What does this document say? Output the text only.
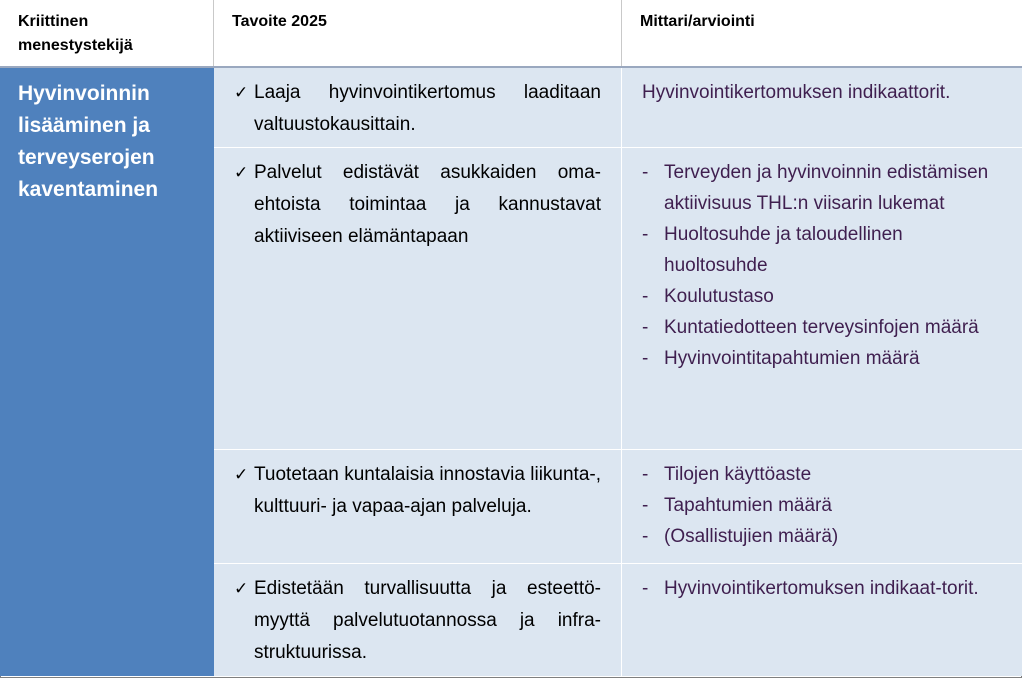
Kriittinen menestystekijä
Tavoite 2025	Mittari/arviointi
Hyvinvoinnin lisääminen ja terveyserojen kaventaminen
✓ Laaja hyvinvointikertomus laaditaan valtuustokausittain.
Hyvinvointikertomuksen indikaattorit.
✓ Palvelut edistävät asukkaiden oma-ehtoista toimintaa ja kannustavat aktiiviseen elämäntapaan
- Terveyden ja hyvinvoinnin edistämisen aktiivisuus THL:n viisarin lukemat
- Huoltosuhde ja taloudellinen huoltosuhde
- Koulutustaso
- Kuntatiedotteen terveysinfojen määrä
- Hyvinvointitapahtumien määrä
✓ Tuotetaan kuntalaisia innostavia liikunta-, kulttuuri- ja vapaa-ajan palveluja.
- Tilojen käyttöaste
- Tapahtumien määrä
- (Osallistujien määrä)
✓ Edistetään turvallisuutta ja esteettö-myyttä palvelutuotannossa ja infra-struktuurissa.
- Hyvinvointikertomuksen indikaat-torit.
